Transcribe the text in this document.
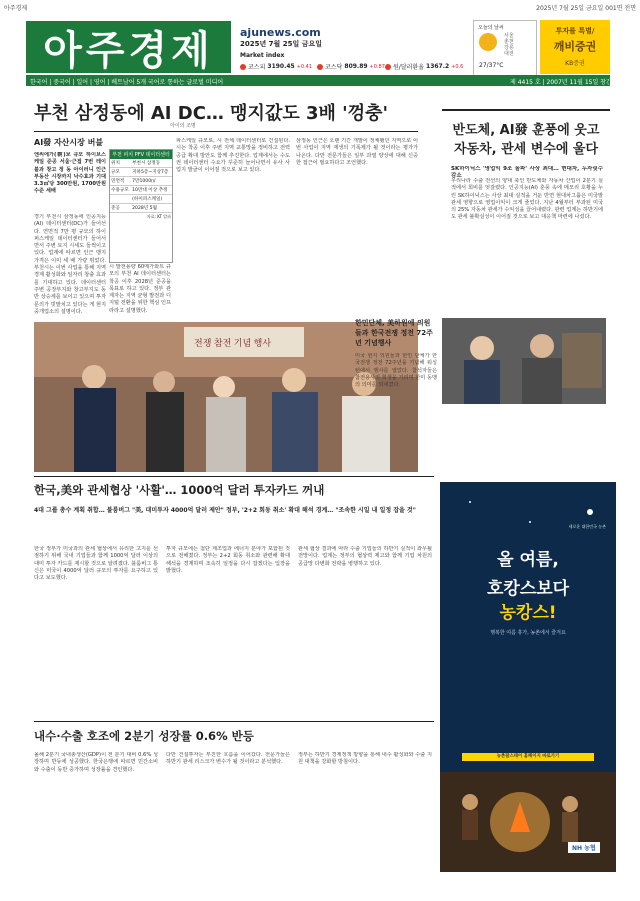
아주경제	2025년 7월 25일 금요일 001면 전면
아주경제	ajunews.com
2025년 7월 25일 금요일
Market index
코스피 3190.45 +0.41 코스닥 809.89 +0.87 원/달러환율 1367.2 +0.6
오늘의 날씨
서울
춘천
강릉
대전
27/37°C
투자를 특별/
깨비증권
KB증권
한국어 | 중국어 | 일어 | 영어 | 베트남어 5개 국어로 통하는 글로벌 미디어	제 4415 호 | 2007년 11월 15일 창간
부천 삼정동에 AI DC… 맹지값도 3배 '껑충'
아이의 조명
AI發 자산시장 버블
엔씨에가(朝)보 규모 하이브스케일 준공 서울·근접 7번 테이블과 창고 정 동 아이러니 인근 부동산 시장까지 낙수효과 기대 3.3㎡당 300만원, 1700만원 수준 세배
경기 부천시 삼정동에 인공지능(AI) 데이터센터(DC)가 들어선다. 연면적 7만 평 규모의 하이퍼스케일 데이터센터가 들어서면서 주변 토지 시세도 들썩이고 있다. 업계에 따르면 인근 맹지 가격은 이미 세 배 가량 뛰었다. 부천시는 이번 사업을 통해 지역 경제 활성화와 일자리 창출 효과를 기대하고 있다. 데이터센터 주변 공장부지와 창고부지도 동반 상승세를 보이고 있으며 투자 문의가 빗발치고 있다는 게 현지 중개업소의 설명이다.
부천 피치 PFV 데이터센터
위치	부천시 삼정동
규모	지하5층~지상7층
연면적	7만1000㎡
수용규모	10만대 이상 추정
	(하이퍼스케일)
준공	2028년 5월
자료: KT 알파
시 발전용량 60메가와트 규모의 부천 AI 데이터센터는 착공 이후 2028년 준공을 목표로 하고 있다. 정부 관계자는 지역 균형 발전과 디지털 전환을 위한 핵심 인프라라고 설명했다.
파스케일 규모로, 시 전체 데이터센터로 건설된다. 시는 착공 이후 주변 지역 교통망을 정비하고 전력 공급 확대 방안도 함께 추진한다. 업계에서는 수도권 데이터센터 수요가 꾸준히 늘어나면서 유사 사업지 발굴이 이어질 것으로 보고 있다.
삼정동 인근은 오랜 기간 개발이 정체됐던 지역으로 이번 사업이 지역 재생의 기폭제가 될 것이라는 평가가 나온다. 다만 전문가들은 일부 과열 양상에 대해 신중한 접근이 필요하다고 조언했다.
전쟁 참전 기념 행사
반도체, AI發 훈풍에 웃고
자동차, 관세 변수에 울다
SK하이닉스 '영업익 9조 돌파' 사상 최대… 현대차, 두자릿수 감소
우리나라 수출 전선의 양대 축인 반도체와 자동차 산업이 2분기 실적에서 희비를 엇갈렸다. 인공지능(AI) 훈풍 속에 메모리 호황을 누린 SK하이닉스는 사상 최대 실적을 거둔 반면 현대차그룹은 미국발 관세 영향으로 영업이익이 크게 줄었다. 지난 4월부터 부과된 미국의 25% 자동차 관세가 수익성을 끌어내렸다. 관련 업계는 하반기에도 관세 불확실성이 이어질 것으로 보고 대응책 마련에 나섰다.
한민단체, 美하원에 의원들과 한국전쟁 정전 72주년 기념행사
미국 현지 의원들과 한인 단체가 한국전쟁 정전 72주년을 기념해 워싱턴에서 행사를 열었다. 참석자들은 참전용사의 희생을 기리며 한미 동맹의 의미를 되새겼다.
한국,美와 관세협상 '사활'… 1000억 달러 투자카드 꺼내
4대 그룹 총수 계획 취합… 불룸버그 "美, 대미투자 4000억 달러 제안" 정부, '2+2 회동 취소' 확대 해석 경계… "조속한 시일 내 일정 잡을 것"
한국 정부가 미국과의 관세 협상에서 유리한 고지를 선점하기 위해 국내 기업들과 함께 1000억 달러 이상의 대미 투자 카드를 제시할 것으로 알려졌다. 블룸버그 통신은 미국이 4000억 달러 규모의 투자를 요구하고 있다고 보도했다.
투자 규모에는 첨단 제조업과 에너지 분야가 포함된 것으로 전해졌다. 정부는 2+2 회동 취소와 관련해 확대 해석을 경계하며 조속히 일정을 다시 잡겠다는 입장을 밝혔다.
관세 협상 결과에 따라 수출 기업들의 하반기 실적이 좌우될 전망이다. 업계는 정부의 협상력 제고와 함께 기업 차원의 공급망 다변화 전략을 병행하고 있다.
내수·수출 호조에 2분기 성장률 0.6% 반등
올해 2분기 국내총생산(GDP)이 전 분기 대비 0.6% 성장하며 반등에 성공했다. 한국은행에 따르면 민간소비와 수출이 동반 증가하며 성장률을 견인했다.
다만 건설투자는 부진한 흐름을 이어갔다. 전문가들은 하반기 관세 리스크가 변수가 될 것이라고 분석했다.
정부는 하반기 경제정책 방향을 통해 내수 활성화와 수출 지원 대책을 강화할 방침이다.
새로운 대한민국 농촌
올 여름,
호캉스보다
농캉스!
행복한 여름 휴가, 농촌에서 즐겨요
농촌팜스테이 홈페이지 바로가기
NH 농협
